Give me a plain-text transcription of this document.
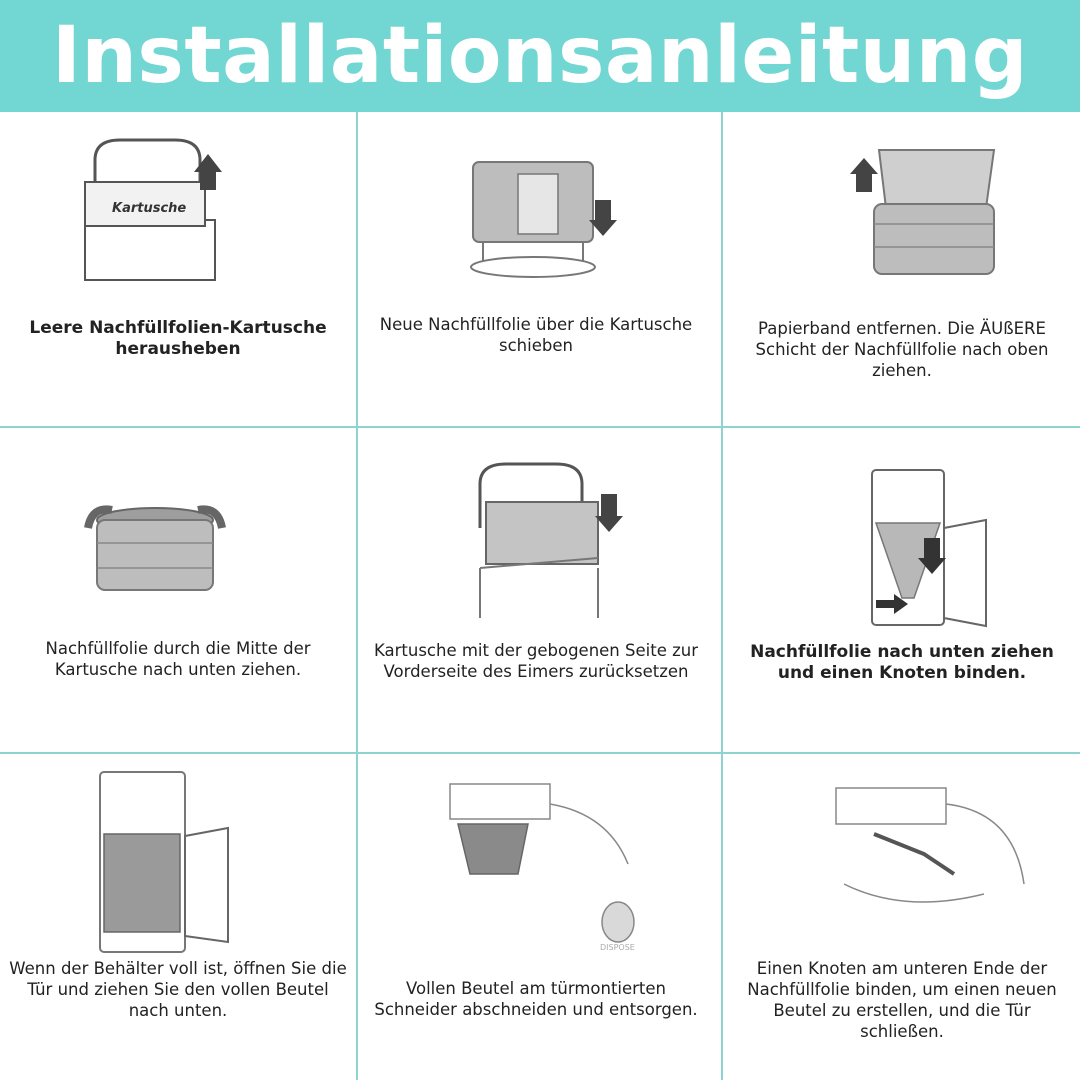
Installationsanleitung
Kartusche
Leere Nachfüllfolien-Kartusche herausheben
Neue Nachfüllfolie über die Kartusche schieben
Papierband entfernen. Die ÄUßERE Schicht der Nachfüllfolie nach oben ziehen.
Nachfüllfolie durch die Mitte der Kartusche nach unten ziehen.
Kartusche mit der gebogenen Seite zur Vorderseite des Eimers zurücksetzen
Nachfüllfolie nach unten ziehen und einen Knoten binden.
Wenn der Behälter voll ist, öffnen Sie die Tür und ziehen Sie den vollen Beutel nach unten.
DISPOSE
Vollen Beutel am türmontierten Schneider abschneiden und entsorgen.
Einen Knoten am unteren Ende der Nachfüllfolie binden, um einen neuen Beutel zu erstellen, und die Tür schließen.
